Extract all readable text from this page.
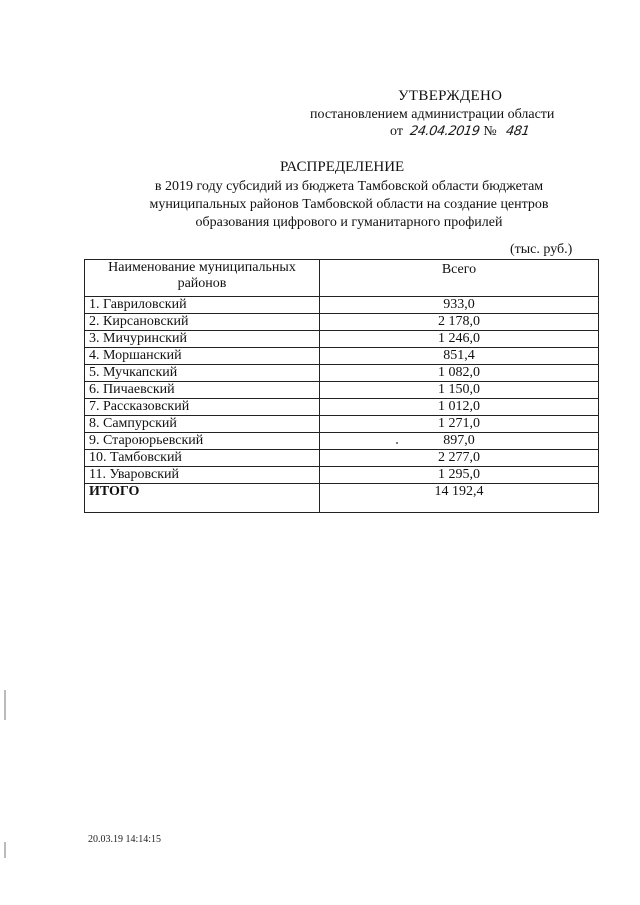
УТВЕРЖДЕНО
постановлением администрации области
от 24.04.2019 № 481
РАСПРЕДЕЛЕНИЕ
в 2019 году субсидий из бюджета Тамбовской области бюджетам муниципальных районов Тамбовской области на создание центров образования цифрового и гуманитарного профилей
(тыс. руб.)
Наименование муниципальных районов	Всего
1. Гавриловский	933,0
2. Кирсановский	2 178,0
3. Мичуринский	1 246,0
4. Моршанский	851,4
5. Мучкапский	1 082,0
6. Пичаевский	1 150,0
7. Рассказовский	1 012,0
8. Сампурский	1 271,0
9. Староюрьевский	897,0
10. Тамбовский	2 277,0
11. Уваровский	1 295,0
ИТОГО	14 192,4
20.03.19 14:14:15
